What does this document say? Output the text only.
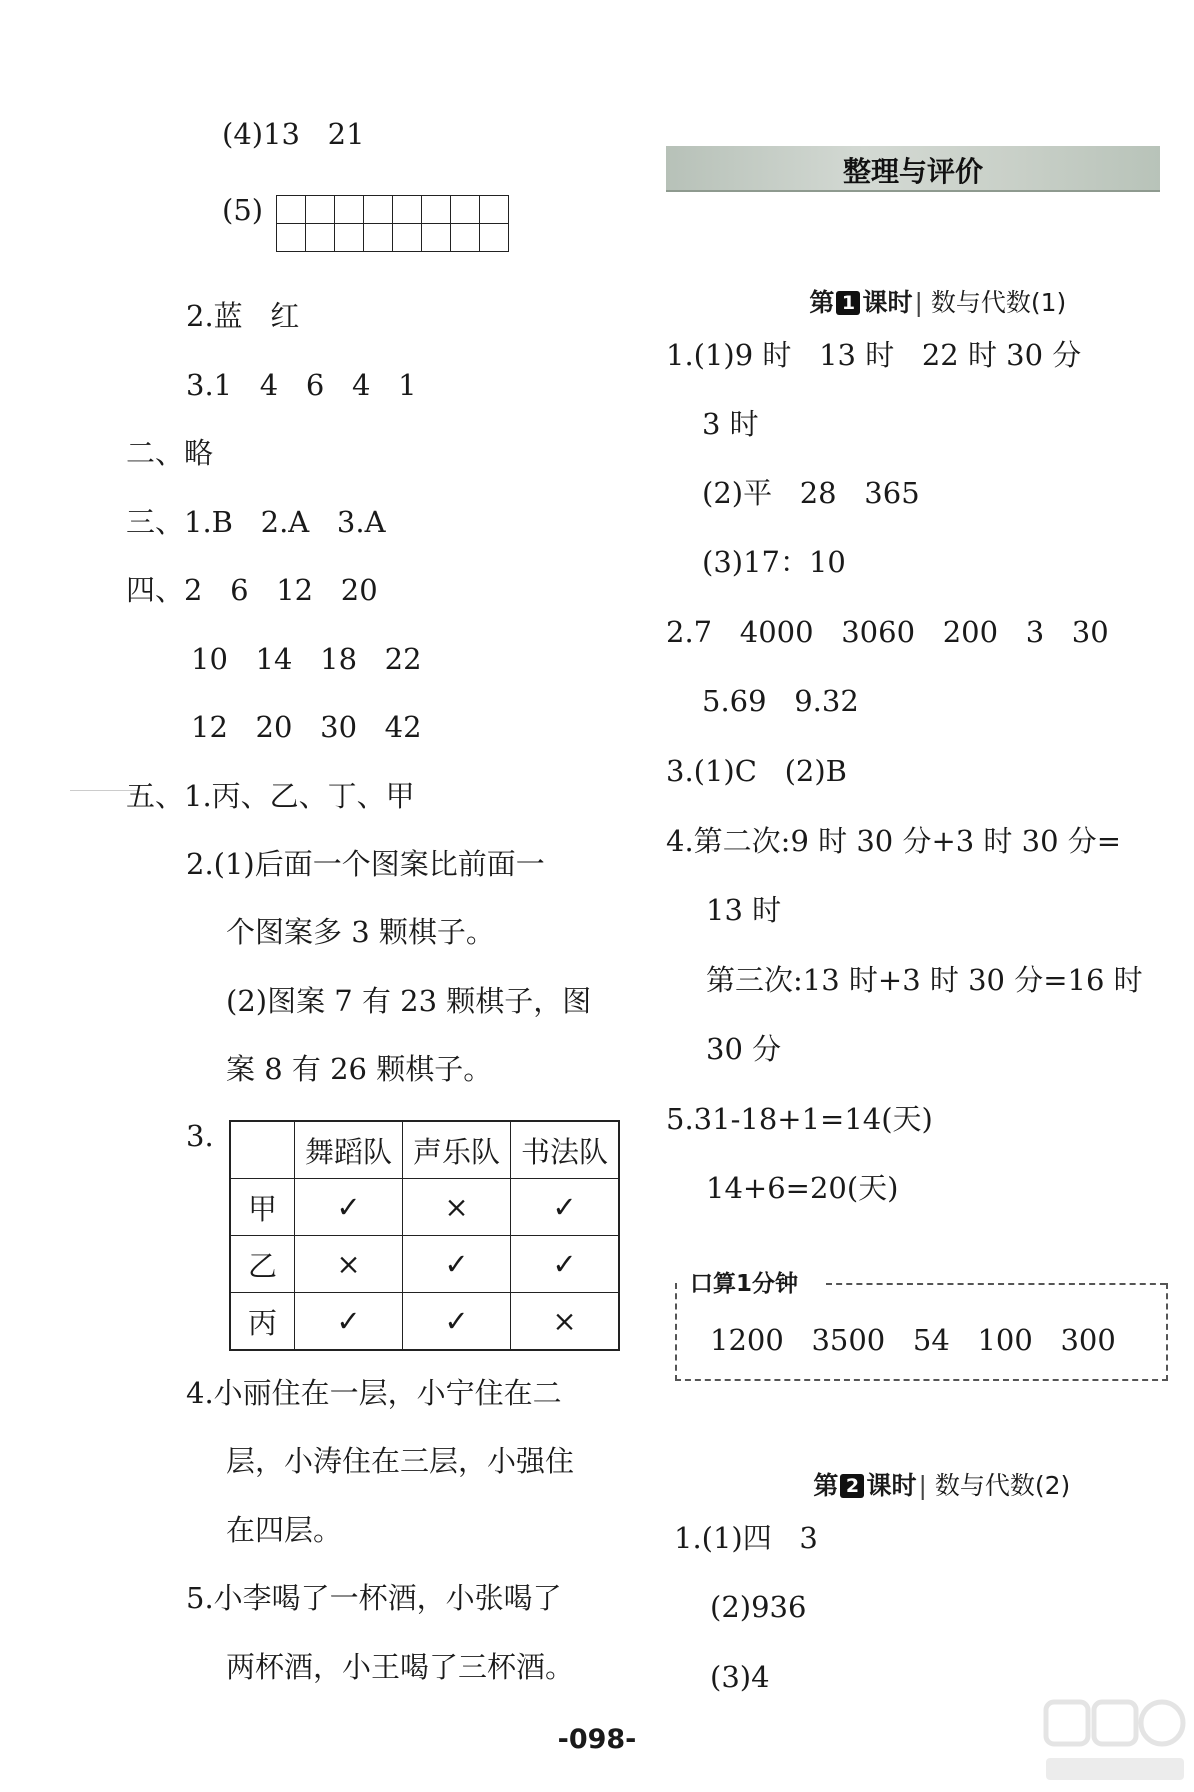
(4)13   21
(5)

2.蓝   红
3.1   4   6   4   1
二、略
三、1.B   2.A   3.A
四、2   6   12   20
10   14   18   22
12   20   30   42
五、1.丙、乙、丁、甲
2.(1)后面一个图案比前面一
个图案多 3 颗棋子。
(2)图案 7 有 23 颗棋子，图
案 8 有 26 颗棋子。
3.
		舞蹈队	声乐队	书法队
甲	✓	×	✓
乙	×	✓	✓
丙	✓	✓	×
4.小丽住在一层，小宁住在二
层，小涛住在三层，小强住
在四层。
5.小李喝了一杯酒，小张喝了
两杯酒，小王喝了三杯酒。
整理与评价

第 1 课时| 数与代数(1)

1.(1)9 时   13 时   22 时 30 分
3 时
(2)平   28   365
(3)17：10
2.7   4000   3060   200   3   30
5.69   9.32
3.(1)C   (2)B
4.第二次:9 时 30 分+3 时 30 分=
13 时
第三次:13 时+3 时 30 分=16 时
30 分
5.31-18+1=14(天)
14+6=20(天)
口算1分钟
1200   3500   54   100   300

第 2 课时| 数与代数(2)

1.(1)四   3
(2)936
(3)4
-098-
